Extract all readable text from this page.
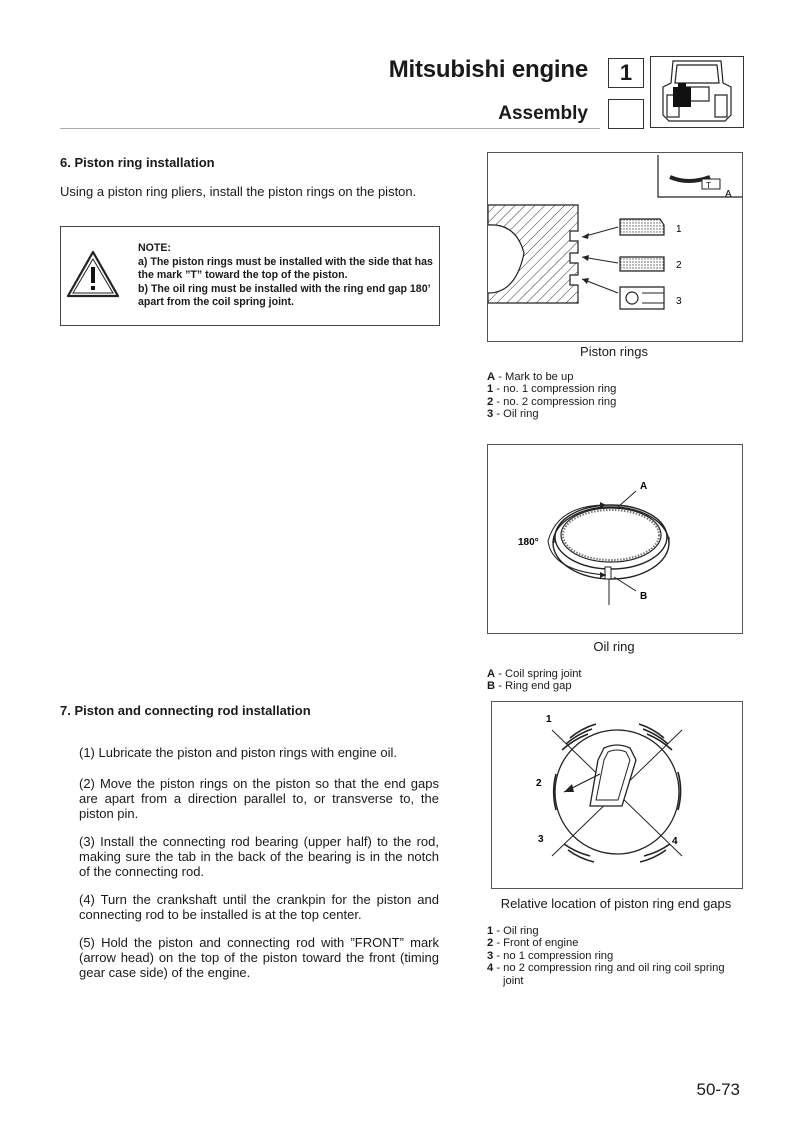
Mitsubishi engine
Assembly
1
6. Piston ring installation
Using a piston ring pliers, install the piston rings on the piston.
NOTE:
a) The piston rings must be installed with the side that has the mark ”T” toward the top of the piston.
b) The oil ring must be installed with the ring end gap 180’ apart from the coil spring joint.
T
A
1
2
3
Piston rings
A - Mark to be up
1 - no. 1 compression ring
2 - no. 2 compression ring
3 - Oil ring
A
180°
B
Oil ring
A - Coil spring joint
B - Ring end gap
7. Piston and connecting rod installation
(1) Lubricate the piston and piston rings with engine oil.
(2) Move the piston rings on the piston so that the end gaps are apart from a direction parallel to, or transverse to, the piston pin.
(3) Install the connecting rod bearing (upper half) to the rod, making sure the tab in the back of the bearing is in the notch of the connecting rod.
(4) Turn the crankshaft until the crankpin for the piston and connecting rod to be installed is at the top center.
(5) Hold the piston and connecting rod with ”FRONT” mark (arrow head) on the top of the piston toward the front (timing gear case side) of the engine.
1
2
3	4
Relative location of piston ring end gaps
1 - Oil ring
2 - Front of engine
3 - no 1 compression ring
4 - no 2 compression ring and oil ring coil spring joint
50-73
